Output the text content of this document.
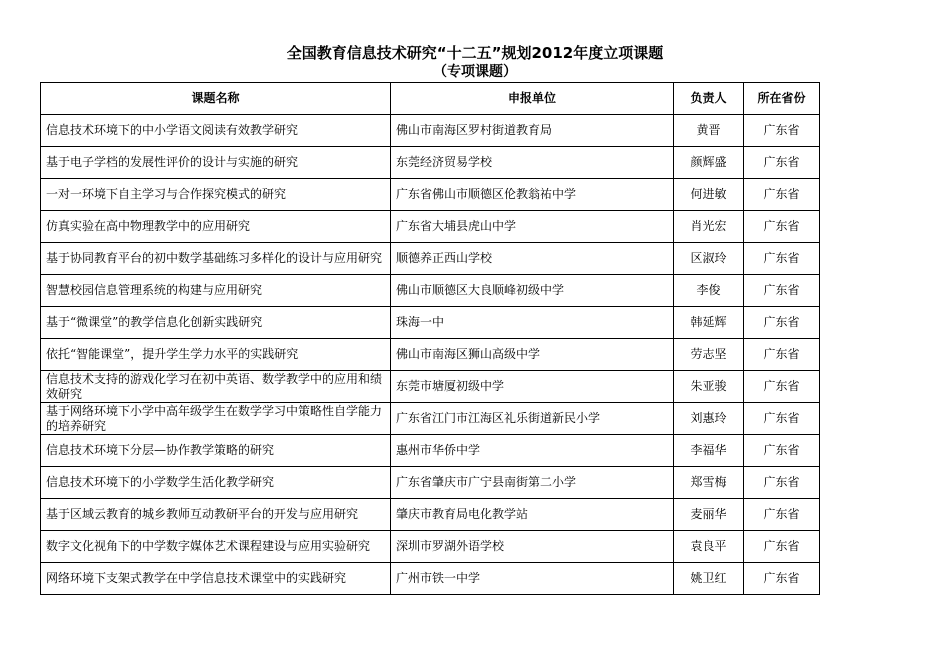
全国教育信息技术研究“十二五”规划2012年度立项课题
（专项课题）
课题名称	申报单位	负责人	所在省份
信息技术环境下的中小学语文阅读有效教学研究	佛山市南海区罗村街道教育局	黄晋	广东省
基于电子学档的发展性评价的设计与实施的研究	东莞经济贸易学校	颜辉盛	广东省
一对一环境下自主学习与合作探究模式的研究	广东省佛山市顺德区伦教翁祐中学	何进敏	广东省
仿真实验在高中物理教学中的应用研究	广东省大埔县虎山中学	肖光宏	广东省
基于协同教育平台的初中数学基础练习多样化的设计与应用研究	顺德养正西山学校	区淑玲	广东省
智慧校园信息管理系统的构建与应用研究	佛山市顺德区大良顺峰初级中学	李俊	广东省
基于“微课堂”的教学信息化创新实践研究	珠海一中	韩延辉	广东省
依托“智能课堂”，提升学生学力水平的实践研究	佛山市南海区狮山高级中学	劳志坚	广东省
信息技术支持的游戏化学习在初中英语、数学教学中的应用和绩效研究	东莞市塘厦初级中学	朱亚骏	广东省
基于网络环境下小学中高年级学生在数学学习中策略性自学能力的培养研究	广东省江门市江海区礼乐街道新民小学	刘惠玲	广东省
信息技术环境下分层—协作教学策略的研究	惠州市华侨中学	李福华	广东省
信息技术环境下的小学数学生活化教学研究	广东省肇庆市广宁县南街第二小学	郑雪梅	广东省
基于区域云教育的城乡教师互动教研平台的开发与应用研究	肇庆市教育局电化教学站	麦丽华	广东省
数字文化视角下的中学数字媒体艺术课程建设与应用实验研究	深圳市罗湖外语学校	袁良平	广东省
网络环境下支架式教学在中学信息技术课堂中的实践研究	广州市铁一中学	姚卫红	广东省
